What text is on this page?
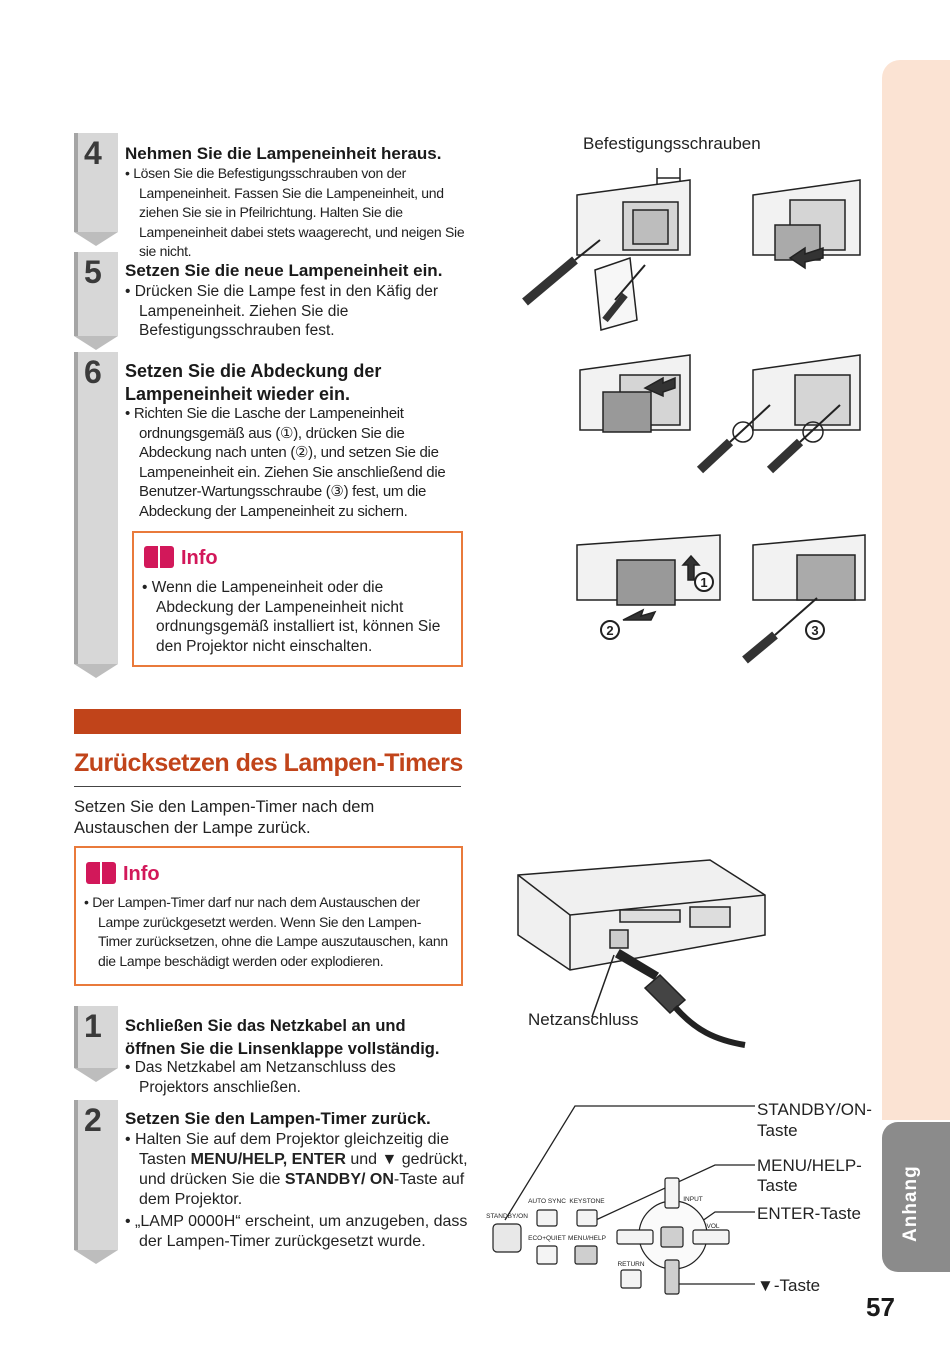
Anhang
57
4 Nehmen Sie die Lampeneinheit heraus.
• Lösen Sie die Befestigungsschrauben von der Lampeneinheit. Fassen Sie die Lampeneinheit, und ziehen Sie sie in Pfeilrichtung. Halten Sie die Lampeneinheit dabei stets waagerecht, und neigen Sie sie nicht.
5 Setzen Sie die neue Lampeneinheit ein.
• Drücken Sie die Lampe fest in den Käfig der Lampeneinheit. Ziehen Sie die Befestigungsschrauben fest.
6 Setzen Sie die Abdeckung der
Lampeneinheit wieder ein.
• Richten Sie die Lasche der Lampeneinheit ordnungsgemäß aus (①), drücken Sie die Abdeckung nach unten (②), und setzen Sie die Lampeneinheit ein. Ziehen Sie anschließend die Benutzer-Wartungsschraube (③) fest, um die Abdeckung der Lampeneinheit zu sichern.
Info
• Wenn die Lampeneinheit oder die Abdeckung der Lampeneinheit nicht ordnungsgemäß installiert ist, können Sie den Projektor nicht einschalten.
Zurücksetzen des Lampen-Timers
Setzen Sie den Lampen-Timer nach dem Austauschen der Lampe zurück.
Info
• Der Lampen-Timer darf nur nach dem Austauschen der Lampe zurückgesetzt werden. Wenn Sie den Lampen-Timer zurücksetzen, ohne die Lampe auszutauschen, kann die Lampe beschädigt werden oder explodieren.
1 Schließen Sie das Netzkabel an und
öffnen Sie die Linsenklappe vollständig.
• Das Netzkabel am Netzanschluss des Projektors anschließen.
2 Setzen Sie den Lampen-Timer zurück.
• Halten Sie auf dem Projektor gleichzeitig die Tasten MENU/HELP, ENTER und ▼ gedrückt, und drücken Sie die STANDBY/ ON-Taste auf dem Projektor.
• „LAMP 0000H“ erscheint, um anzugeben, dass der Lampen-Timer zurückgesetzt wurde.
1
2	3
Befestigungsschrauben
Netzanschluss
STANDBY/ON
AUTO SYNC KEYSTONE
ECO+QUIET MENU/HELP
INPUT
VOL
RETURN
STANDBY/ON-
Taste
MENU/HELP-
Taste
ENTER-Taste
▼-Taste
